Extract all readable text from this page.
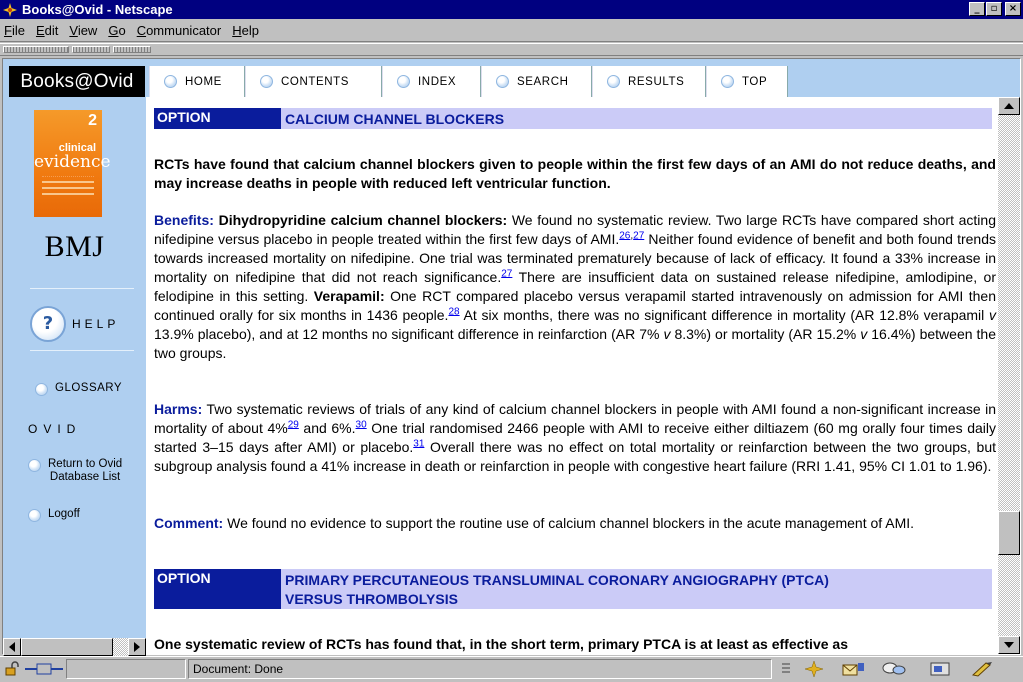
Books@Ovid - Netscape	_	▫	×
File Edit View Go Communicator Help
Books@Ovid	HOME	CONTENTS	INDEX	SEARCH	RESULTS	TOP
2
clinical
evidence
BMJ
?	HELP
GLOSSARY
OVID
Return to Ovid
Database List
Logoff
OPTION	CALCIUM CHANNEL BLOCKERS
RCTs have found that calcium channel blockers given to people within the first few days of an AMI do not reduce deaths, and may increase deaths in people with reduced left ventricular function.
Benefits: Dihydropyridine calcium channel blockers: We found no systematic review. Two large RCTs have compared short acting nifedipine versus placebo in people treated within the first few days of AMI.$^{26,27}$ Neither found evidence of benefit and both found trends towards increased mortality on nifedipine. One trial was terminated prematurely because of lack of efficacy. It found a 33% increase in mortality on nifedipine that did not reach significance.$^{27}$ There are insufficient data on sustained release nifedipine, amlodipine, or felodipine in this setting. Verapamil: One RCT compared placebo versus verapamil started intravenously on admission for AMI then continued orally for six months in 1436 people.$^{28}$ At six months, there was no significant difference in mortality (AR 12.8% verapamil v 13.9% placebo), and at 12 months no significant difference in reinfarction (AR 7% v 8.3%) or mortality (AR 15.2% v 16.4%) between the two groups.
Harms: Two systematic reviews of trials of any kind of calcium channel blockers in people with AMI found a non-significant increase in mortality of about 4%$^{29}$ and 6%.$^{30}$ One trial randomised 2466 people with AMI to receive either diltiazem (60 mg orally four times daily started 3–15 days after AMI) or placebo.$^{31}$ Overall there was no effect on total mortality or reinfarction between the two groups, but subgroup analysis found a 41% increase in death or reinfarction in people with congestive heart failure (RRI 1.41, 95% CI 1.01 to 1.96).
Comment: We found no evidence to support the routine use of calcium channel blockers in the acute management of AMI.
OPTION	PRIMARY PERCUTANEOUS TRANSLUMINAL CORONARY ANGIOGRAPHY (PTCA)
VERSUS THROMBOLYSIS
One systematic review of RCTs has found that, in the short term, primary PTCA is at least as effective as
Document: Done
